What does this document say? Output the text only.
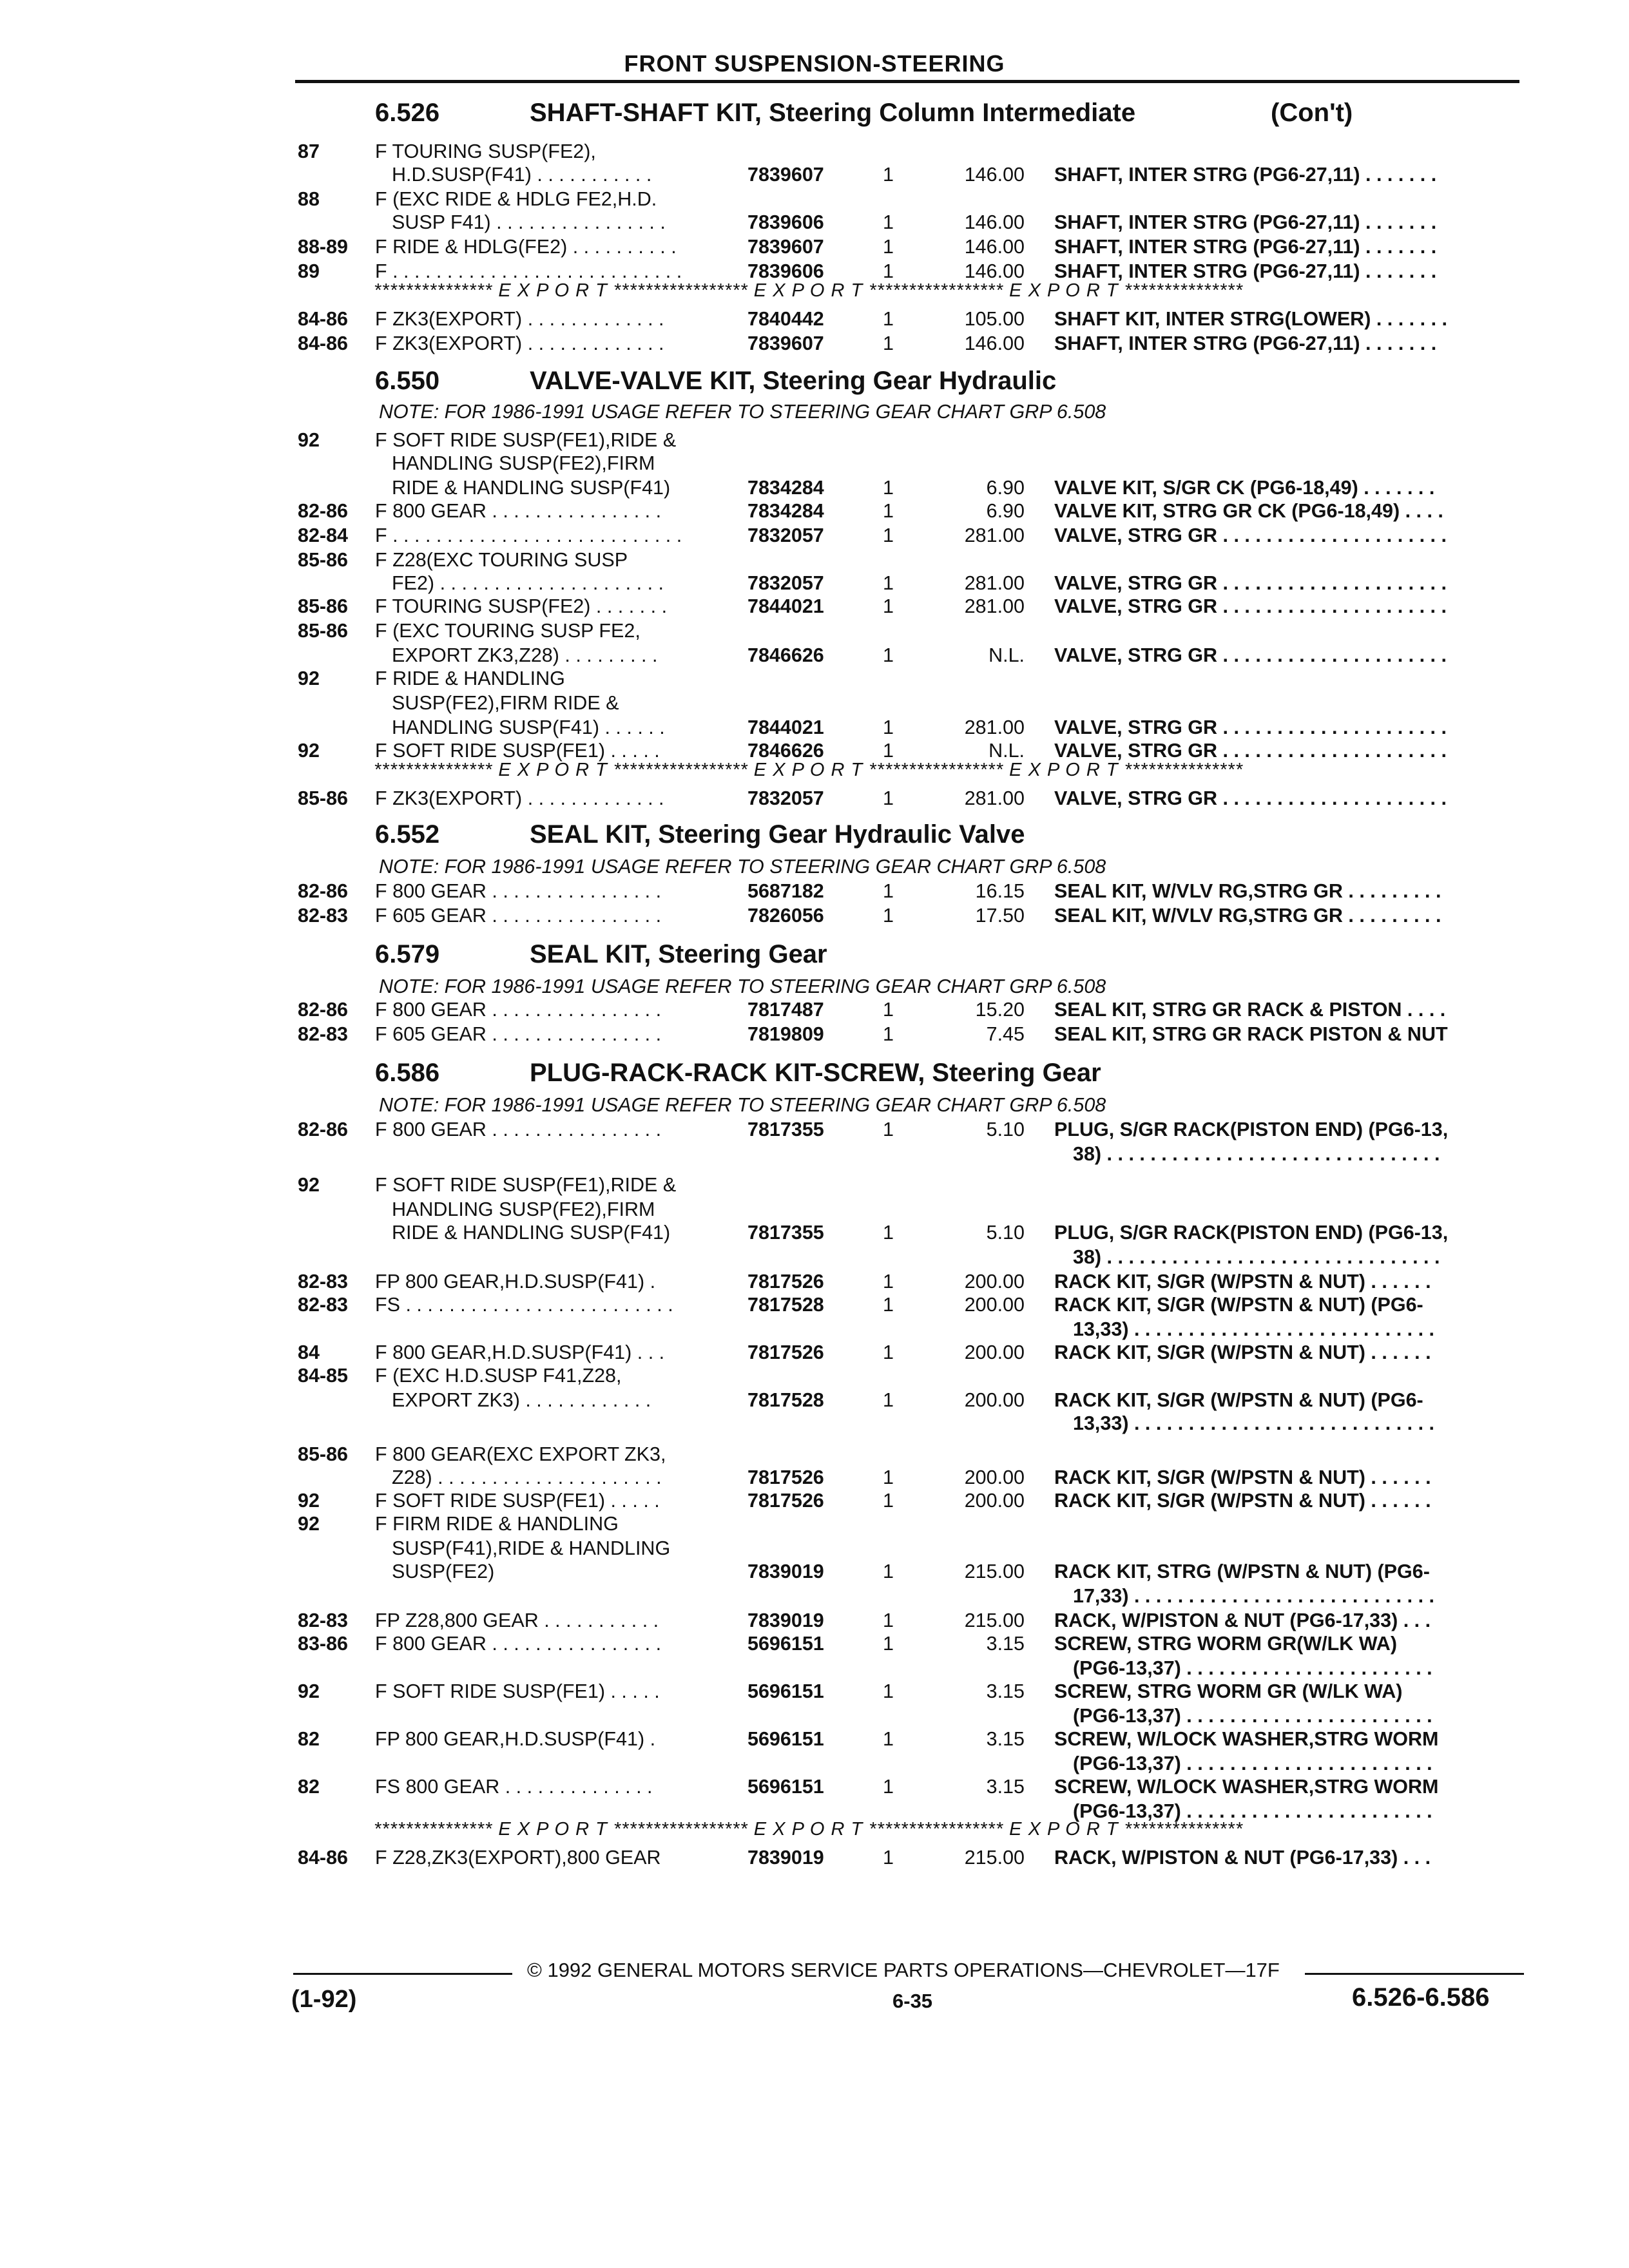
FRONT SUSPENSION-STEERING
6.526	SHAFT-SHAFT KIT, Steering Column Intermediate	(Con't)
87	F TOURING SUSP(FE2),
H.D.SUSP(F41) . . . . . . . . . . .	7839607	1	146.00 SHAFT, INTER STRG (PG6-27,11) . . . . . . .
88	F (EXC RIDE & HDLG FE2,H.D.
SUSP F41) . . . . . . . . . . . . . . . .	7839606	1	146.00 SHAFT, INTER STRG (PG6-27,11) . . . . . . .
88-89 F RIDE & HDLG(FE2) . . . . . . . . . .	7839607	1	146.00 SHAFT, INTER STRG (PG6-27,11) . . . . . . .
89	F . . . . . . . . . . . . . . . . . . . . . . . . . . .	7839606	1	146.00 SHAFT, INTER STRG (PG6-27,11) . . . . . . .
*************** E X P O R T ***************** E X P O R T ***************** E X P O R T ***************
84-86 F ZK3(EXPORT) . . . . . . . . . . . . .	7840442	1	105.00 SHAFT KIT, INTER STRG(LOWER) . . . . . . .
84-86 F ZK3(EXPORT) . . . . . . . . . . . . .	7839607	1	146.00 SHAFT, INTER STRG (PG6-27,11) . . . . . . .
6.550	VALVE-VALVE KIT, Steering Gear Hydraulic
NOTE: FOR 1986-1991 USAGE REFER TO STEERING GEAR CHART GRP 6.508
92	F SOFT RIDE SUSP(FE1),RIDE &
HANDLING SUSP(FE2),FIRM
RIDE & HANDLING SUSP(F41)	7834284	1	6.90 VALVE KIT, S/GR CK (PG6-18,49) . . . . . . .
82-86 F 800 GEAR . . . . . . . . . . . . . . . .	7834284	1	6.90 VALVE KIT, STRG GR CK (PG6-18,49) . . . .
82-84 F . . . . . . . . . . . . . . . . . . . . . . . . . . .	7832057	1	281.00 VALVE, STRG GR . . . . . . . . . . . . . . . . . . . . .
85-86 F Z28(EXC TOURING SUSP
FE2) . . . . . . . . . . . . . . . . . . . . .	7832057	1	281.00 VALVE, STRG GR . . . . . . . . . . . . . . . . . . . . .
85-86 F TOURING SUSP(FE2) . . . . . . .	7844021	1	281.00 VALVE, STRG GR . . . . . . . . . . . . . . . . . . . . .
85-86 F (EXC TOURING SUSP FE2,
EXPORT ZK3,Z28) . . . . . . . . .	7846626	1	N.L. VALVE, STRG GR . . . . . . . . . . . . . . . . . . . . .
92	F RIDE & HANDLING
SUSP(FE2),FIRM RIDE &
HANDLING SUSP(F41) . . . . . .	7844021	1	281.00 VALVE, STRG GR . . . . . . . . . . . . . . . . . . . . .
92	F SOFT RIDE SUSP(FE1) . . . . .	7846626	1	N.L. VALVE, STRG GR . . . . . . . . . . . . . . . . . . . . .
*************** E X P O R T ***************** E X P O R T ***************** E X P O R T ***************
85-86 F ZK3(EXPORT) . . . . . . . . . . . . .	7832057	1	281.00 VALVE, STRG GR . . . . . . . . . . . . . . . . . . . . .
6.552	SEAL KIT, Steering Gear Hydraulic Valve
NOTE: FOR 1986-1991 USAGE REFER TO STEERING GEAR CHART GRP 6.508
82-86 F 800 GEAR . . . . . . . . . . . . . . . .	5687182	1	16.15 SEAL KIT, W/VLV RG,STRG GR . . . . . . . . .
82-83 F 605 GEAR . . . . . . . . . . . . . . . .	7826056	1	17.50 SEAL KIT, W/VLV RG,STRG GR . . . . . . . . .
6.579	SEAL KIT, Steering Gear
NOTE: FOR 1986-1991 USAGE REFER TO STEERING GEAR CHART GRP 6.508
82-86 F 800 GEAR . . . . . . . . . . . . . . . .	7817487	1	15.20 SEAL KIT, STRG GR RACK & PISTON . . . .
82-83 F 605 GEAR . . . . . . . . . . . . . . . .	7819809	1	7.45 SEAL KIT, STRG GR RACK PISTON & NUT
6.586	PLUG-RACK-RACK KIT-SCREW, Steering Gear
NOTE: FOR 1986-1991 USAGE REFER TO STEERING GEAR CHART GRP 6.508
82-86 F 800 GEAR . . . . . . . . . . . . . . . .	7817355	1	5.10 PLUG, S/GR RACK(PISTON END) (PG6-13,
38) . . . . . . . . . . . . . . . . . . . . . . . . . . . . . . .
92	F SOFT RIDE SUSP(FE1),RIDE &
HANDLING SUSP(FE2),FIRM
RIDE & HANDLING SUSP(F41)	7817355	1	5.10 PLUG, S/GR RACK(PISTON END) (PG6-13,
38) . . . . . . . . . . . . . . . . . . . . . . . . . . . . . . .
82-83 FP 800 GEAR,H.D.SUSP(F41) .	7817526	1	200.00 RACK KIT, S/GR (W/PSTN & NUT) . . . . . .
82-83 FS . . . . . . . . . . . . . . . . . . . . . . . . .	7817528	1	200.00 RACK KIT, S/GR (W/PSTN & NUT) (PG6-
13,33) . . . . . . . . . . . . . . . . . . . . . . . . . . . .
84	F 800 GEAR,H.D.SUSP(F41) . . .	7817526	1	200.00 RACK KIT, S/GR (W/PSTN & NUT) . . . . . .
84-85 F (EXC H.D.SUSP F41,Z28,
EXPORT ZK3) . . . . . . . . . . . .	7817528	1	200.00 RACK KIT, S/GR (W/PSTN & NUT) (PG6-
13,33) . . . . . . . . . . . . . . . . . . . . . . . . . . . .
85-86 F 800 GEAR(EXC EXPORT ZK3,
Z28) . . . . . . . . . . . . . . . . . . . . .	7817526	1	200.00 RACK KIT, S/GR (W/PSTN & NUT) . . . . . .
92	F SOFT RIDE SUSP(FE1) . . . . .	7817526	1	200.00 RACK KIT, S/GR (W/PSTN & NUT) . . . . . .
92	F FIRM RIDE & HANDLING
SUSP(F41),RIDE & HANDLING
SUSP(FE2)	7839019	1	215.00 RACK KIT, STRG (W/PSTN & NUT) (PG6-
17,33) . . . . . . . . . . . . . . . . . . . . . . . . . . . .
82-83 FP Z28,800 GEAR . . . . . . . . . . .	7839019	1	215.00 RACK, W/PISTON & NUT (PG6-17,33) . . .
83-86 F 800 GEAR . . . . . . . . . . . . . . . .	5696151	1	3.15 SCREW, STRG WORM GR(W/LK WA)
(PG6-13,37) . . . . . . . . . . . . . . . . . . . . . . .
92	F SOFT RIDE SUSP(FE1) . . . . .	5696151	1	3.15 SCREW, STRG WORM GR (W/LK WA)
(PG6-13,37) . . . . . . . . . . . . . . . . . . . . . . .
82	FP 800 GEAR,H.D.SUSP(F41) .	5696151	1	3.15 SCREW, W/LOCK WASHER,STRG WORM
(PG6-13,37) . . . . . . . . . . . . . . . . . . . . . . .
82	FS 800 GEAR . . . . . . . . . . . . . .	5696151	1	3.15 SCREW, W/LOCK WASHER,STRG WORM
(PG6-13,37) . . . . . . . . . . . . . . . . . . . . . . .
*************** E X P O R T ***************** E X P O R T ***************** E X P O R T ***************
84-86 F Z28,ZK3(EXPORT),800 GEAR	7839019	1	215.00 RACK, W/PISTON & NUT (PG6-17,33) . . .
© 1992 GENERAL MOTORS SERVICE PARTS OPERATIONS—CHEVROLET—17F
(1-92)	6-35	6.526-6.586
